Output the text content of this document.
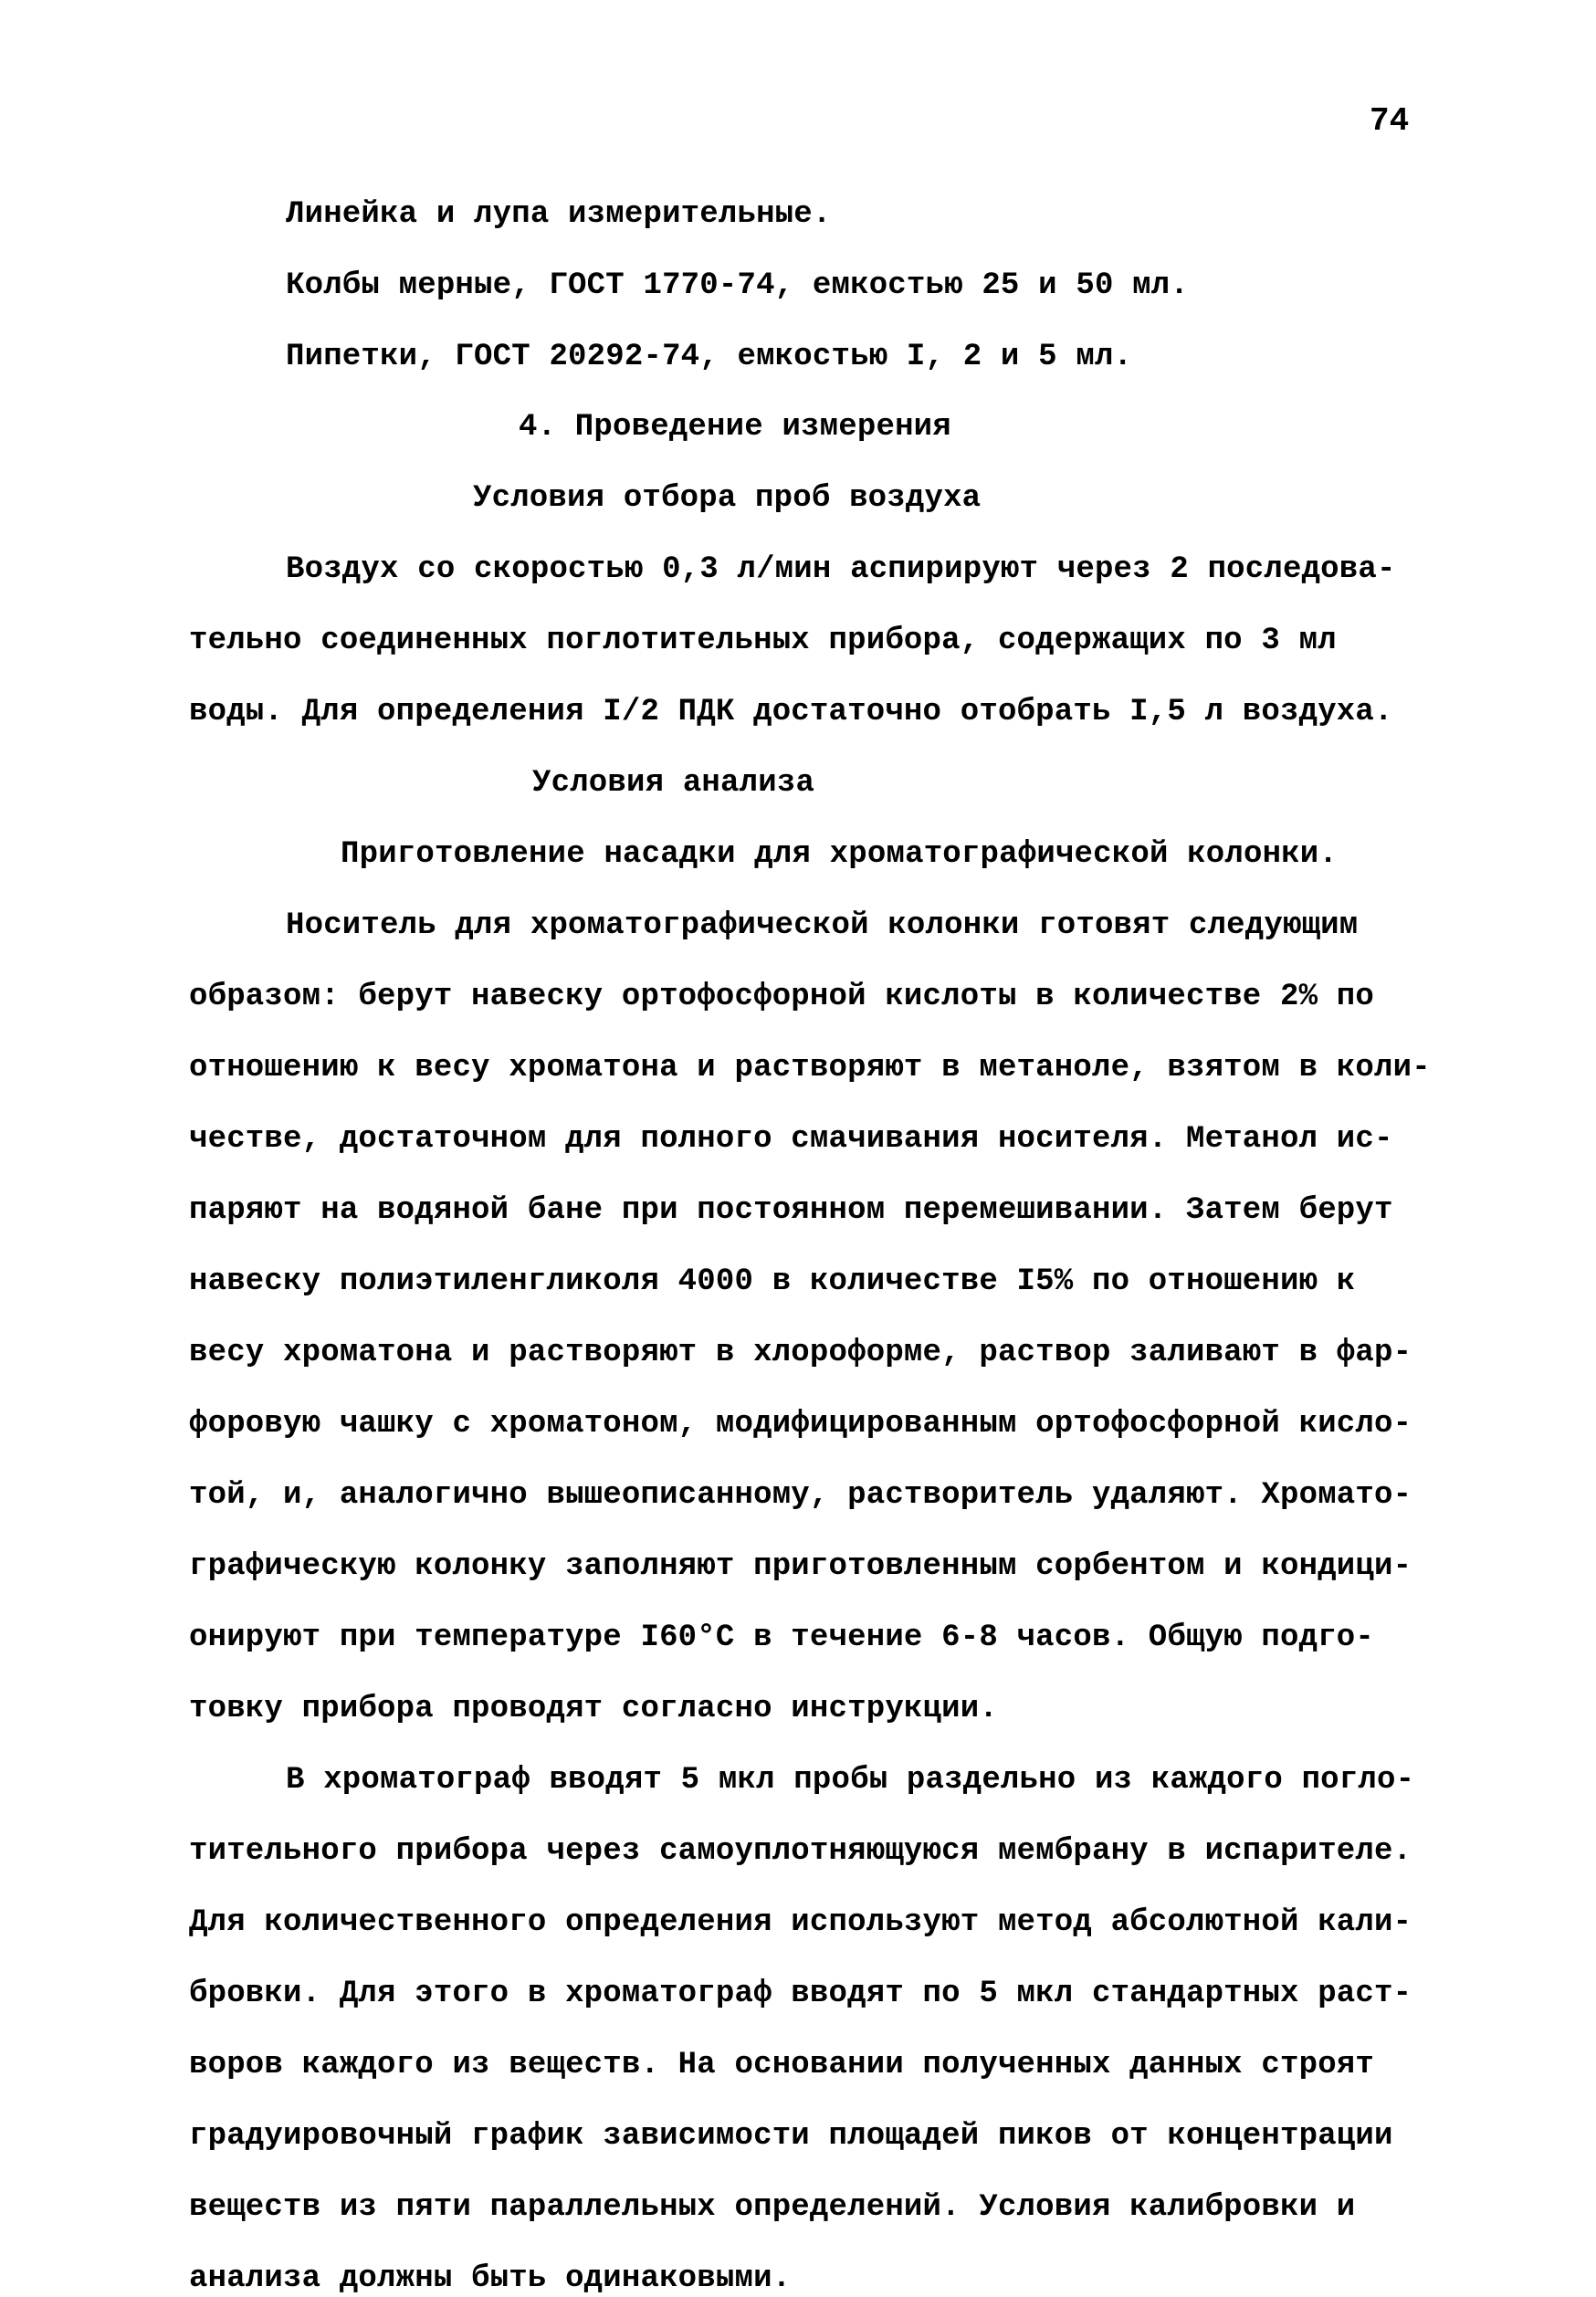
74
Линейка и лупа измерительные.
Колбы мерные, ГОСТ 1770-74, емкостью 25 и 50 мл.
Пипетки, ГОСТ 20292-74, емкостью I, 2 и 5 мл.
4. Проведение измерения
Условия отбора проб воздуха
Воздух со скоростью 0,3 л/мин аспирируют через 2 последова-
тельно соединенных поглотительных прибора, содержащих по 3 мл
воды. Для определения I/2 ПДК достаточно отобрать I,5 л воздуха.
Условия анализа
Приготовление насадки для хроматографической колонки.
Носитель для хроматографической колонки готовят следующим
образом: берут навеску ортофосфорной кислоты в количестве 2% по
отношению к весу хроматона и растворяют в метаноле, взятом в коли-
честве, достаточном для полного смачивания носителя. Метанол ис-
паряют на водяной бане при постоянном перемешивании. Затем берут
навеску полиэтиленгликоля 4000 в количестве I5% по отношению к
весу хроматона и растворяют в хлороформе, раствор заливают в фар-
форовую чашку с хроматоном, модифицированным ортофосфорной кисло-
той, и, аналогично вышеописанному, растворитель удаляют. Хромато-
графическую колонку заполняют приготовленным сорбентом и кондици-
онируют при температуре I60°С в течение 6-8 часов. Общую подго-
товку прибора проводят согласно инструкции.
В хроматограф вводят 5 мкл пробы раздельно из каждого погло-
тительного прибора через самоуплотняющуюся мембрану в испарителе.
Для количественного определения используют метод абсолютной кали-
бровки. Для этого в хроматограф вводят по 5 мкл стандартных раст-
воров каждого из веществ. На основании полученных данных строят
градуировочный график зависимости площадей пиков от концентрации
веществ из пяти параллельных определений. Условия калибровки и
анализа должны быть одинаковыми.
